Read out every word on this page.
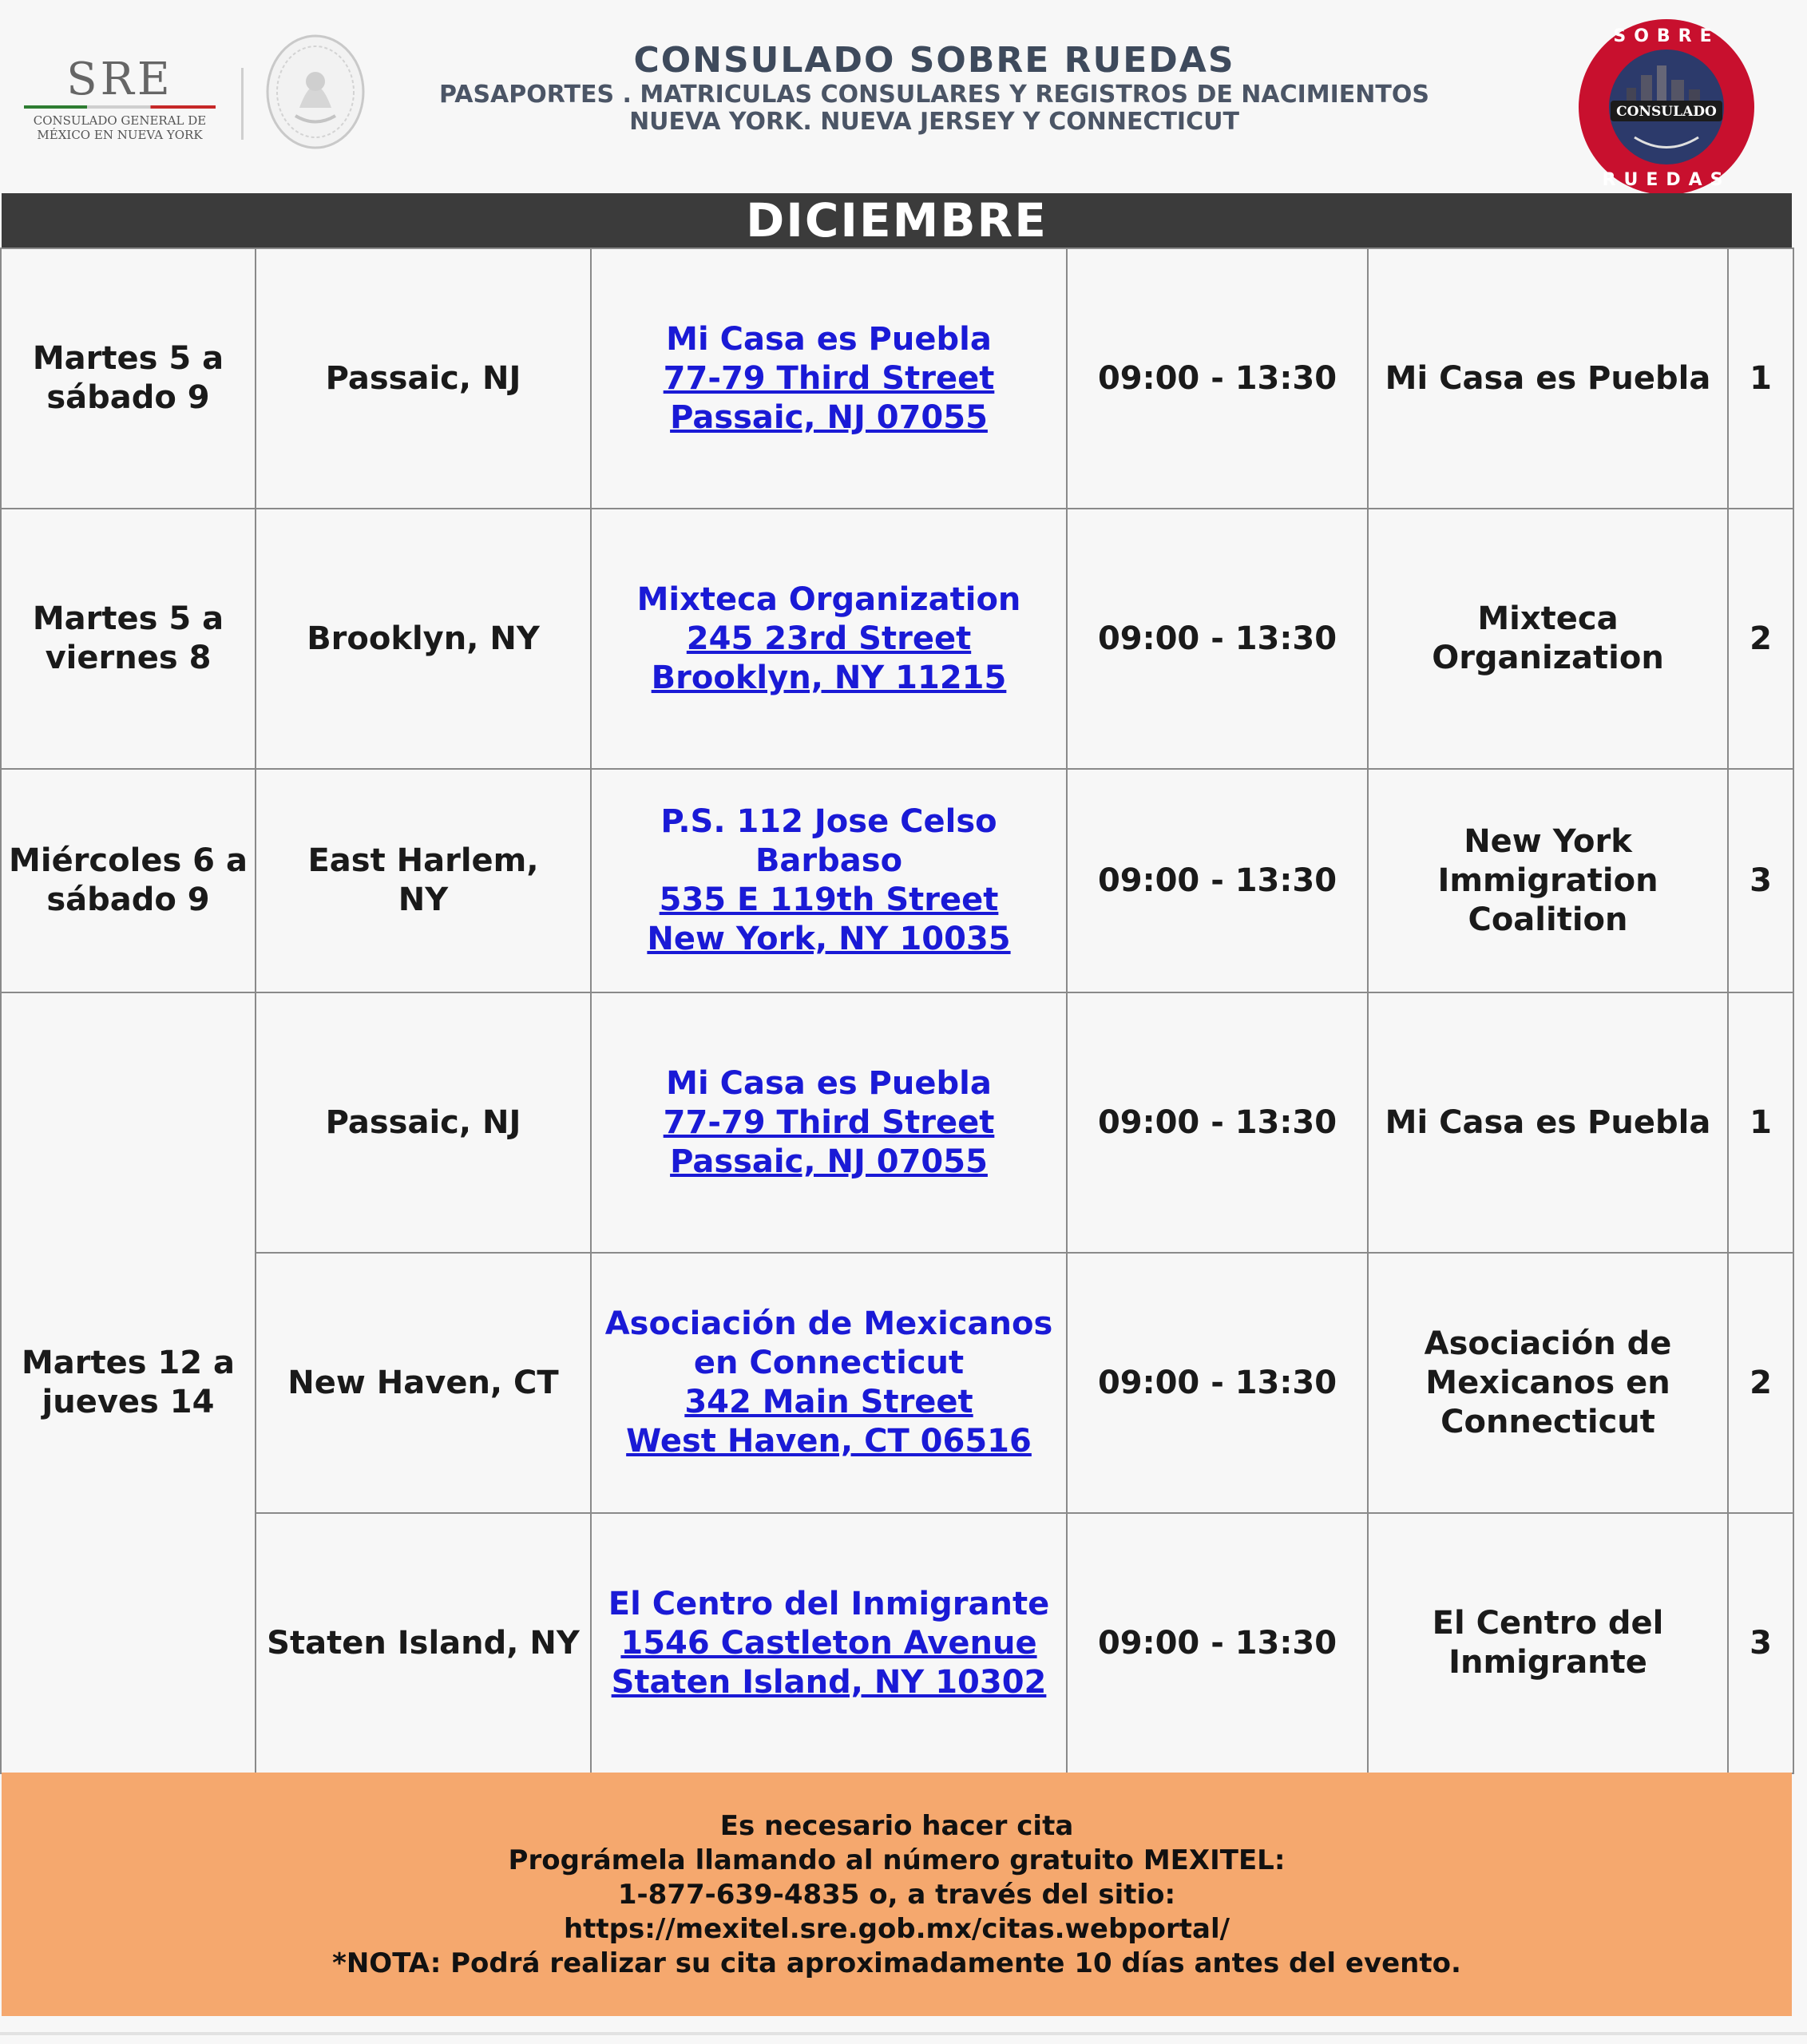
SRE
CONSULADO GENERAL DE
MÉXICO EN NUEVA YORK
CONSULADO SOBRE RUEDAS
PASAPORTES . MATRICULAS CONSULARES Y REGISTROS DE NACIMIENTOS
NUEVA YORK. NUEVA JERSEY Y CONNECTICUT	CONSULADO
SOBRE
RUEDAS
DICIEMBRE
Martes 5 a
sábado 9	Passaic, NJ	Mi Casa es Puebla
77-79 Third Street
Passaic, NJ 07055	09:00 - 13:30	Mi Casa es Puebla	1
Martes 5 a
viernes 8	Brooklyn, NY	Mixteca Organization
245 23rd Street
Brooklyn, NY 11215	09:00 - 13:30	Mixteca
Organization	2
Miércoles 6 a
sábado 9	East Harlem,
NY	P.S. 112 Jose Celso
Barbaso
535 E 119th Street
New York, NY 10035	09:00 - 13:30	New York
Immigration
Coalition	3
Martes 12 a
jueves 14	Passaic, NJ	Mi Casa es Puebla
77-79 Third Street
Passaic, NJ 07055	09:00 - 13:30	Mi Casa es Puebla	1
	New Haven, CT	Asociación de Mexicanos
en Connecticut
342 Main Street
West Haven, CT 06516	09:00 - 13:30	Asociación de
Mexicanos en
Connecticut	2
	Staten Island, NY	El Centro del Inmigrante
1546 Castleton Avenue
Staten Island, NY 10302	09:00 - 13:30	El Centro del
Inmigrante	3
Es necesario hacer cita
Prográmela llamando al número gratuito MEXITEL:
1-877-639-4835 o, a través del sitio:
https://mexitel.sre.gob.mx/citas.webportal/
*NOTA: Podrá realizar su cita aproximadamente 10 días antes del evento.
